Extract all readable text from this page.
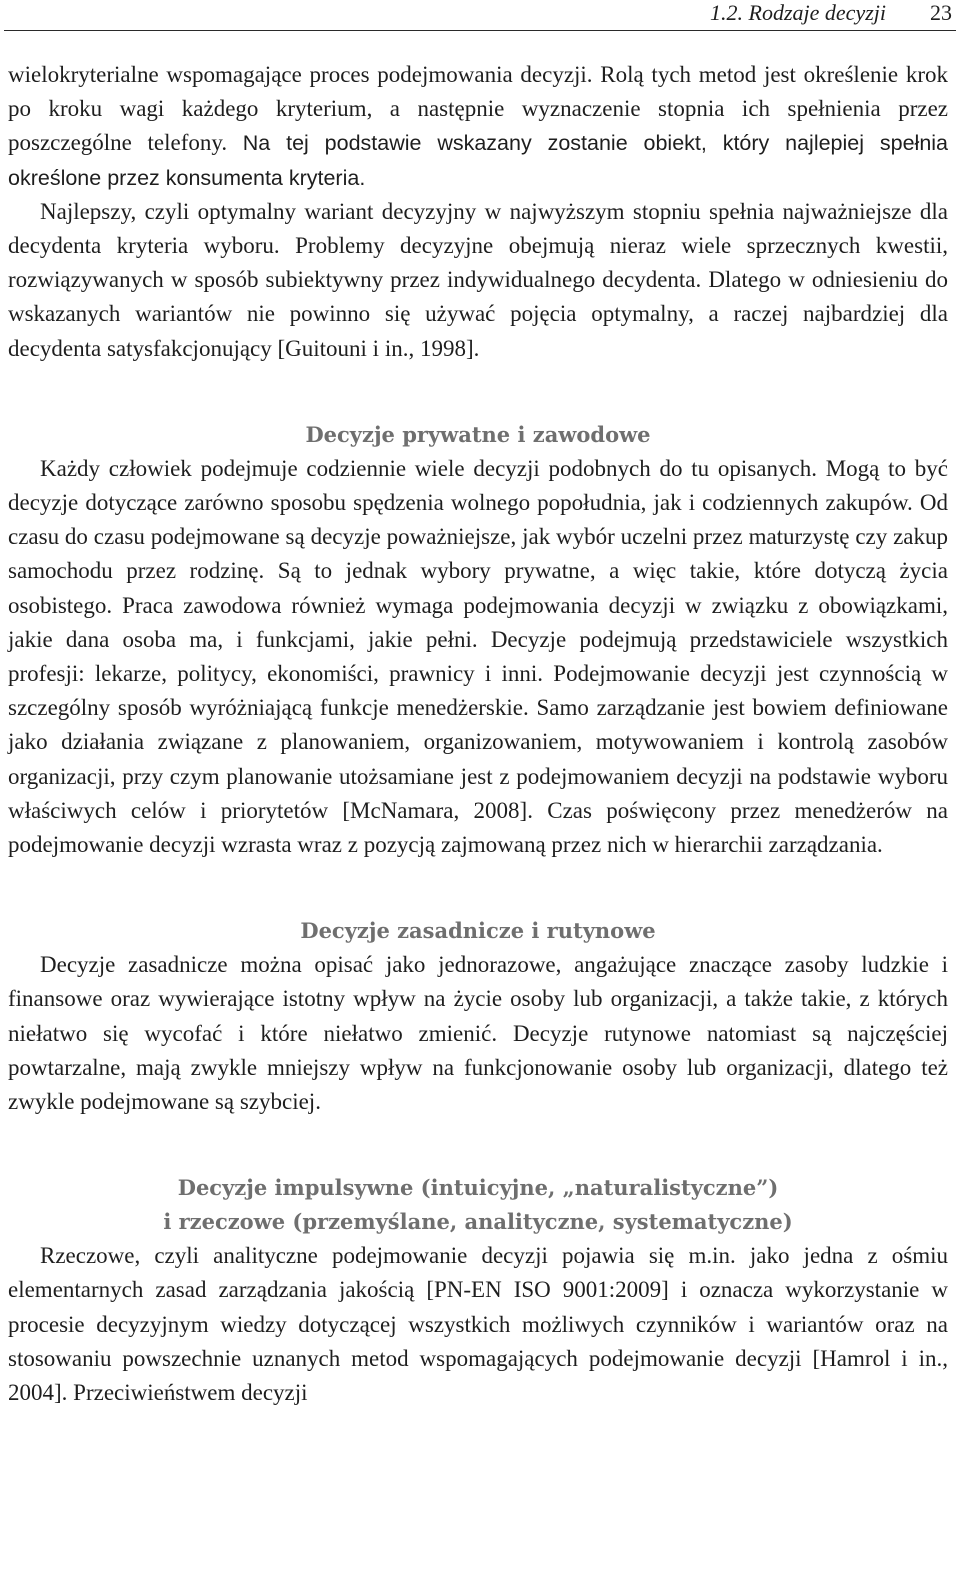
1.2. Rodzaje decyzji 23

wielokryterialne wspomagające proces podejmowania decyzji. Rolą tych metod jest określenie krok po kroku wagi każdego kryterium, a następnie wyznaczenie stopnia ich spełnienia przez poszczególne telefony. Na tej podstawie wskazany zostanie obiekt, który najlepiej spełnia określone przez konsumenta kryteria.

Najlepszy, czyli optymalny wariant decyzyjny w najwyższym stopniu spełnia najważniejsze dla decydenta kryteria wyboru. Problemy decyzyjne obejmują nieraz wiele sprzecznych kwestii, rozwiązywanych w sposób subiektywny przez indywidualnego decydenta. Dlatego w odniesieniu do wskazanych wariantów nie powinno się używać pojęcia optymalny, a raczej najbardziej dla decydenta satysfakcjonujący [Guitouni i in., 1998].

Decyzje prywatne i zawodowe

Każdy człowiek podejmuje codziennie wiele decyzji podobnych do tu opisanych. Mogą to być decyzje dotyczące zarówno sposobu spędzenia wolnego popołudnia, jak i codziennych zakupów. Od czasu do czasu podejmowane są decyzje poważniejsze, jak wybór uczelni przez maturzystę czy zakup samochodu przez rodzinę. Są to jednak wybory prywatne, a więc takie, które dotyczą życia osobistego. Praca zawodowa również wymaga podejmowania decyzji w związku z obowiązkami, jakie dana osoba ma, i funkcjami, jakie pełni. Decyzje podejmują przedstawiciele wszystkich profesji: lekarze, politycy, ekonomiści, prawnicy i inni. Podejmowanie decyzji jest czynnością w szczególny sposób wyróżniającą funkcje menedżerskie. Samo zarządzanie jest bowiem definiowane jako działania związane z planowaniem, organizowaniem, motywowaniem i kontrolą zasobów organizacji, przy czym planowanie utożsamiane jest z podejmowaniem decyzji na podstawie wyboru właściwych celów i priorytetów [McNamara, 2008]. Czas poświęcony przez menedżerów na podejmowanie decyzji wzrasta wraz z pozycją zajmowaną przez nich w hierarchii zarządzania.

Decyzje zasadnicze i rutynowe

Decyzje zasadnicze można opisać jako jednorazowe, angażujące znaczące zasoby ludzkie i finansowe oraz wywierające istotny wpływ na życie osoby lub organizacji, a także takie, z których niełatwo się wycofać i które niełatwo zmienić. Decyzje rutynowe natomiast są najczęściej powtarzalne, mają zwykle mniejszy wpływ na funkcjonowanie osoby lub organizacji, dlatego też zwykle podejmowane są szybciej.

Decyzje impulsywne (intuicyjne, „naturalistyczne”)
i rzeczowe (przemyślane, analityczne, systematyczne)

Rzeczowe, czyli analityczne podejmowanie decyzji pojawia się m.in. jako jedna z ośmiu elementarnych zasad zarządzania jakością [PN-EN ISO 9001:2009] i oznacza wykorzystanie w procesie decyzyjnym wiedzy dotyczącej wszystkich możliwych czynników i wariantów oraz na stosowaniu powszechnie uznanych metod wspomagających podejmowanie decyzji [Hamrol i in., 2004]. Przeciwieństwem decyzji
